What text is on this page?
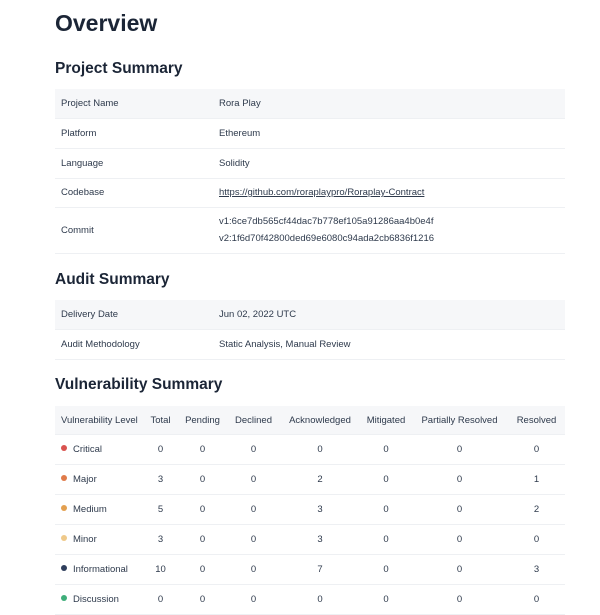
Overview
Project Summary
Project Name	Rora Play
Platform	Ethereum
Language	Solidity
Codebase	https://github.com/roraplaypro/Roraplay-Contract
Commit	v1:6ce7db565cf44dac7b778ef105a91286aa4b0e4f
v2:1f6d70f42800ded69e6080c94ada2cb6836f1216
Audit Summary
Delivery Date	Jun 02, 2022 UTC
Audit Methodology	Static Analysis, Manual Review
Vulnerability Summary
Vulnerability Level	Total	Pending	Declined	Acknowledged	Mitigated	Partially Resolved	Resolved
Critical	0	0	0	0	0	0	0
Major	3	0	0	2	0	0	1
Medium	5	0	0	3	0	0	2
Minor	3	0	0	3	0	0	0
Informational	10	0	0	7	0	0	3
Discussion	0	0	0	0	0	0	0
